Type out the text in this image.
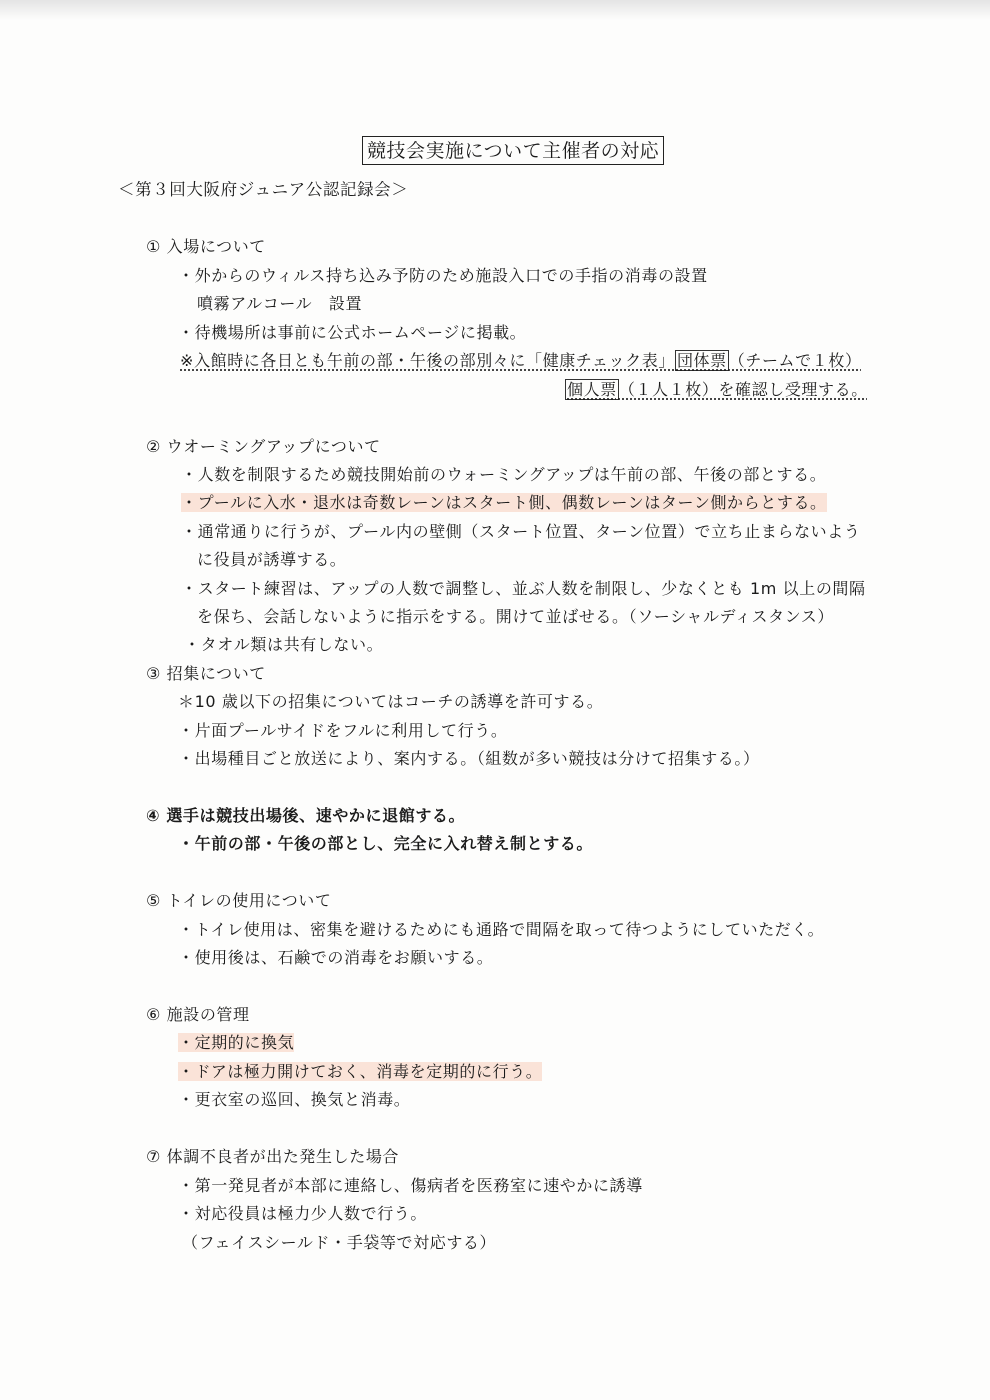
競技会実施について主催者の対応
＜第３回大阪府ジュニア公認記録会＞
① 入場について
・外からのウィルス持ち込み予防のため施設入口での手指の消毒の設置
噴霧アルコール　設置
・待機場所は事前に公式ホームページに掲載。
※入館時に各日とも午前の部・午後の部別々に「健康チェック表」 団体票 （チームで１枚）
個人票 （１人１枚）を確認し受理する。
② ウオーミングアップについて
・人数を制限するため競技開始前のウォーミングアップは午前の部、午後の部とする。
・プールに入水・退水は奇数レーンはスタート側、偶数レーンはターン側からとする。
・通常通りに行うが、プール内の壁側（スタート位置、ターン位置）で立ち止まらないよう
に役員が誘導する。
・スタート練習は、アップの人数で調整し、並ぶ人数を制限し、少なくとも 1m 以上の間隔
を保ち、会話しないように指示をする。開けて並ばせる。（ソーシャルディスタンス）
・タオル類は共有しない。
③ 招集について
＊10 歳以下の招集についてはコーチの誘導を許可する。
・片面プールサイドをフルに利用して行う。
・出場種目ごと放送により、案内する。（組数が多い競技は分けて招集する。）
④ 選手は競技出場後、速やかに退館する。
・午前の部・午後の部とし、完全に入れ替え制とする。
⑤ トイレの使用について
・トイレ使用は、密集を避けるためにも通路で間隔を取って待つようにしていただく。
・使用後は、石鹸での消毒をお願いする。
⑥ 施設の管理
・定期的に換気
・ドアは極力開けておく、消毒を定期的に行う。
・更衣室の巡回、換気と消毒。
⑦ 体調不良者が出た発生した場合
・第一発見者が本部に連絡し、傷病者を医務室に速やかに誘導
・対応役員は極力少人数で行う。
（フェイスシールド・手袋等で対応する）
